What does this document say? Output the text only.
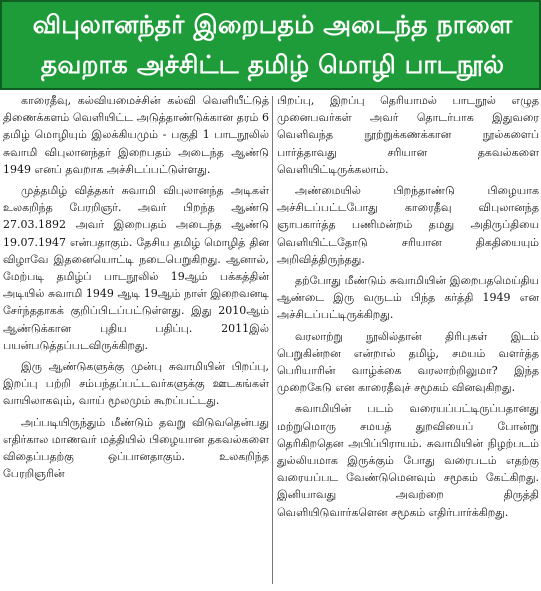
விபுலானந்தர் இறைபதம் அடைந்த நாளை
தவறாக அச்சிட்ட தமிழ் மொழி பாடநூல்

காரைதீவு, கல்வியமைச்சின் கல்வி வெளியீட்டுத் திணைக்களம் வெளியிட்ட அடுத்தாண்டுக்கான தரம் 6 தமிழ் மொழியும் இலக்கியமும் - பகுதி 1 பாடநூலில் சுவாமி விபுலானந்தர் இறைபதம் அடைந்த ஆண்டு 1949 எனப் தவறாக அச்சிடப்பட்டுள்ளது.

முத்தமிழ் வித்தகர் சுவாமி விபுலானந்த அடிகள் உலகறிந்த பேரறிஞர். அவர் பிறந்த ஆண்டு 27.03.1892 அவர் இறைபதம் அடைந்த ஆண்டு 19.07.1947 என்பதாகும். தேசிய தமிழ் மொழித் தின விழாவே இதனையொட்டி நடைபெறுகிறது. ஆனால், மேற்படி தமிழ்ப் பாடநூலில் 19ஆம் பக்கத்தின் அடியில் சுவாமி 1949 ஆடி 19ஆம் நாள் இறைவனடி சேர்ந்ததாகக் குறிப்பிடப்பட்டுள்ளது. இது 2010ஆம் ஆண்டுக்கான புதிய பதிப்பு. 2011இல் பயன்படுத்தப்படவிருக்கிறது.

இரு ஆண்டுகளுக்கு முன்பு சுவாமியின் பிறப்பு, இறப்பு பற்றி சம்பந்தப்பட்டவர்களுக்கு ஊடகங்கள் வாயிலாகவும், வாய் மூலமும் கூறப்பட்டது.

அப்படியிருந்தும் மீண்டும் தவறு விடுவதென்பது எதிர்கால மாணவர் மத்தியில் பிழையான தகவல்களை விதைப்பதற்கு ஒப்பானதாகும். உலகறிந்த பேரறிஞரின்

பிறப்பு, இறப்பு தெரியாமல் பாடநூல் எழுத முனைபவர்கள் அவர் தொடர்பாக இதுவரை வெளிவந்த நூற்றுக்கணக்கான நூல்களைப் பார்த்தாவது சரியான தகவல்களை வெளியிட்டிருக்கலாம்.

அண்மையில் பிறந்தாண்டு பிழையாக அச்சிடப்பட்டபோது காரைதீவு விபுலானந்த ஞாபகார்த்த பணிமன்றம் தமது அதிருப்தியை வெளியிட்டதோடு சரியான திகதியையும் அறிவித்திருந்தது.

தற்போது மீண்டும் சுவாமியின் இறைபதமெய்திய ஆண்டை இரு வருடம் பிந்த கர்த்தி 1949 என அச்சிடப்பட்டிருக்கிறது.

வரலாற்று நூலில்தான் திரிபுகள் இடம் பெறுகின்றன என்றால் தமிழ், சமயம் வளர்த்த பெரியாரின் வாழ்க்கை வரலாற்றிலுமா? இந்த முறைகேடு என காரைதீவுச் சமூகம் வினவுகிறது.

சுவாமியின் படம் வரையப்பட்டிருப்பதானது மற்றுமொரு சமயத் துறவியைப் போன்று தெரிகிறதென அபிப்பிராயம். சுவாமியின் நிழற்படம் துல்லியமாக இருக்கும் போது வரைபடம் எதற்கு வரையப்பட வேண்டுமெனவும் சமூகம் கேட்கிறது. இனியாவது அவற்றை திருத்தி வெளியிடுவார்களென சமூகம் எதிர்பார்க்கிறது.
